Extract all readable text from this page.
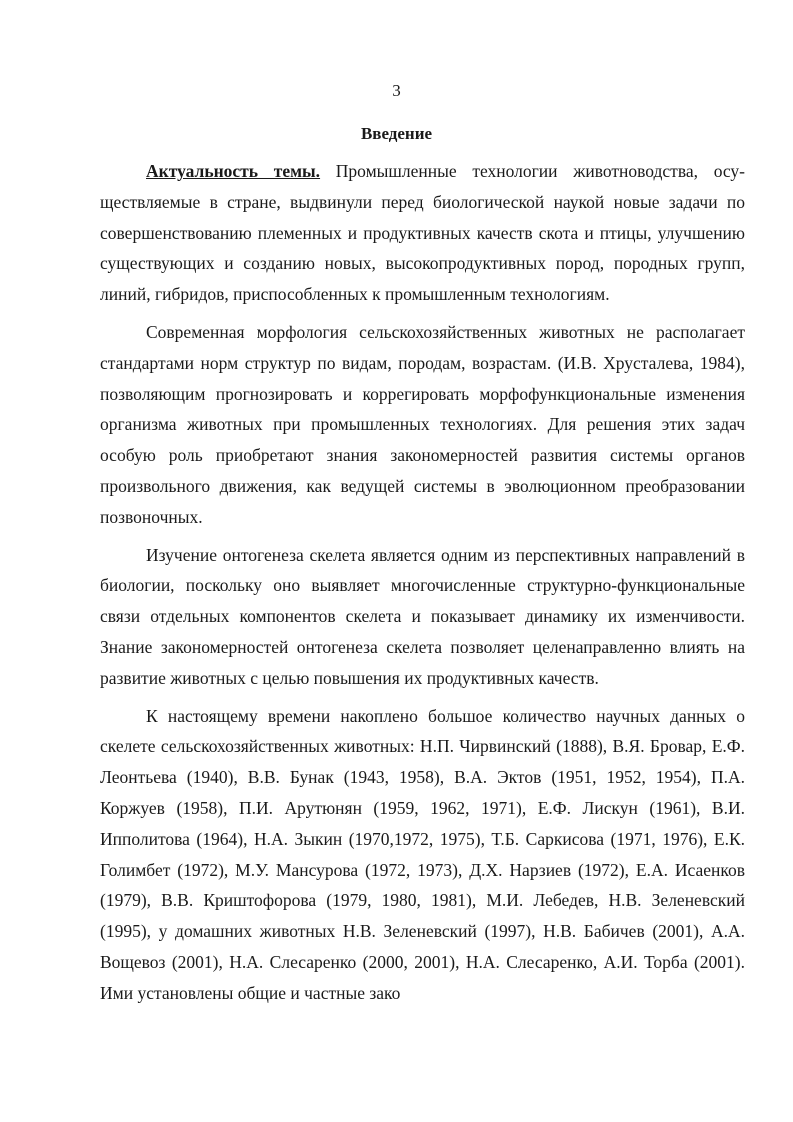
3
Введение

Актуальность темы. Промышленные технологии животноводства, осуществляемые в стране, выдвинули перед биологической наукой новые задачи по совершенствованию племенных и продуктивных качеств скота и птицы, улучшению существующих и созданию новых, высокопродуктивных пород, породных групп, линий, гибридов, приспособленных к промышленным технологиям.

Современная морфология сельскохозяйственных животных не располагает стандартами норм структур по видам, породам, возрастам. (И.В. Хрусталева, 1984), позволяющим прогнозировать и коррегировать морфофункциональные изменения организма животных при промышленных технологиях. Для решения этих задач особую роль приобретают знания закономерностей развития системы органов произвольного движения, как ведущей системы в эволюционном преобразовании позвоночных.

Изучение онтогенеза скелета является одним из перспективных направлений в биологии, поскольку оно выявляет многочисленные структурно-функциональные связи отдельных компонентов скелета и показывает динамику их изменчивости. Знание закономерностей онтогенеза скелета позволяет целенаправленно влиять на развитие животных с целью повышения их продуктивных качеств.

К настоящему времени накоплено большое количество научных данных о скелете сельскохозяйственных животных: Н.П. Чирвинский (1888), В.Я. Бровар, Е.Ф. Леонтьева (1940), В.В. Бунак (1943, 1958), В.А. Эктов (1951, 1952, 1954), П.А. Коржуев (1958), П.И. Арутюнян (1959, 1962, 1971), Е.Ф. Лискун (1961), В.И. Ипполитова (1964), Н.А. Зыкин (1970,1972, 1975), Т.Б. Саркисова (1971, 1976), Е.К. Голимбет (1972), М.У. Мансурова (1972, 1973), Д.Х. Нарзиев (1972), Е.А. Исаенков (1979), В.В. Криштофорова (1979, 1980, 1981), М.И. Лебедев, Н.В. Зеленевский (1995), у домашних животных Н.В. Зеленевский (1997), Н.В. Бабичев (2001), А.А. Вощевоз (2001), Н.А. Слесаренко (2000, 2001), Н.А. Слесаренко, А.И. Торба (2001). Ими установлены общие и частные зако
